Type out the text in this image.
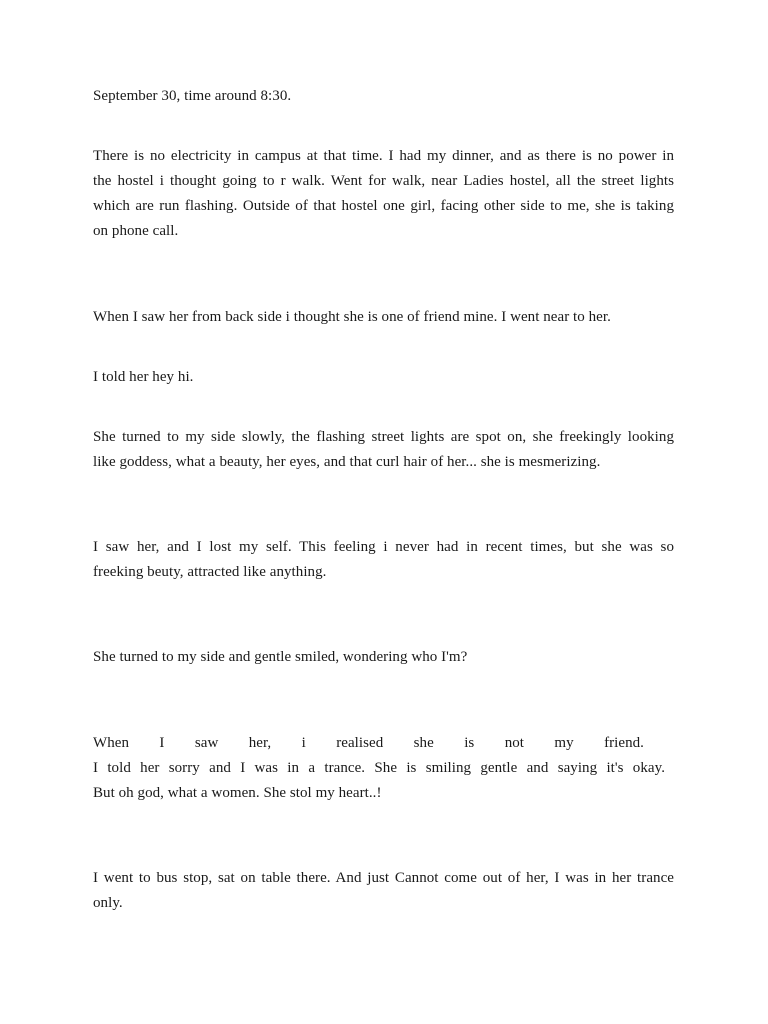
September 30, time around 8:30.
There is no electricity in campus at that time. I had my dinner, and as there is no power in
the hostel i thought going to r walk. Went for walk, near Ladies hostel, all the street lights
which are run flashing. Outside of that hostel one girl, facing other side to me, she is taking
on phone call.
When I saw her from back side i thought she is one of friend mine. I went near to her.
I told her hey hi.
She turned to my side slowly, the flashing street lights are spot on, she freekingly looking
like goddess, what a beauty, her eyes, and that curl hair of her... she is mesmerizing.
I saw her, and I lost my self. This feeling i never had in recent times, but she was so
freeking beuty, attracted like anything.
She turned to my side and gentle smiled, wondering who I'm?
When I saw her, i realised she is not my friend.
I told her sorry and I was in a trance. She is smiling gentle and saying it's okay.
But oh god, what a women. She stol my heart..!
I went to bus stop, sat on table there. And just Cannot come out of her, I was in her trance
only.
